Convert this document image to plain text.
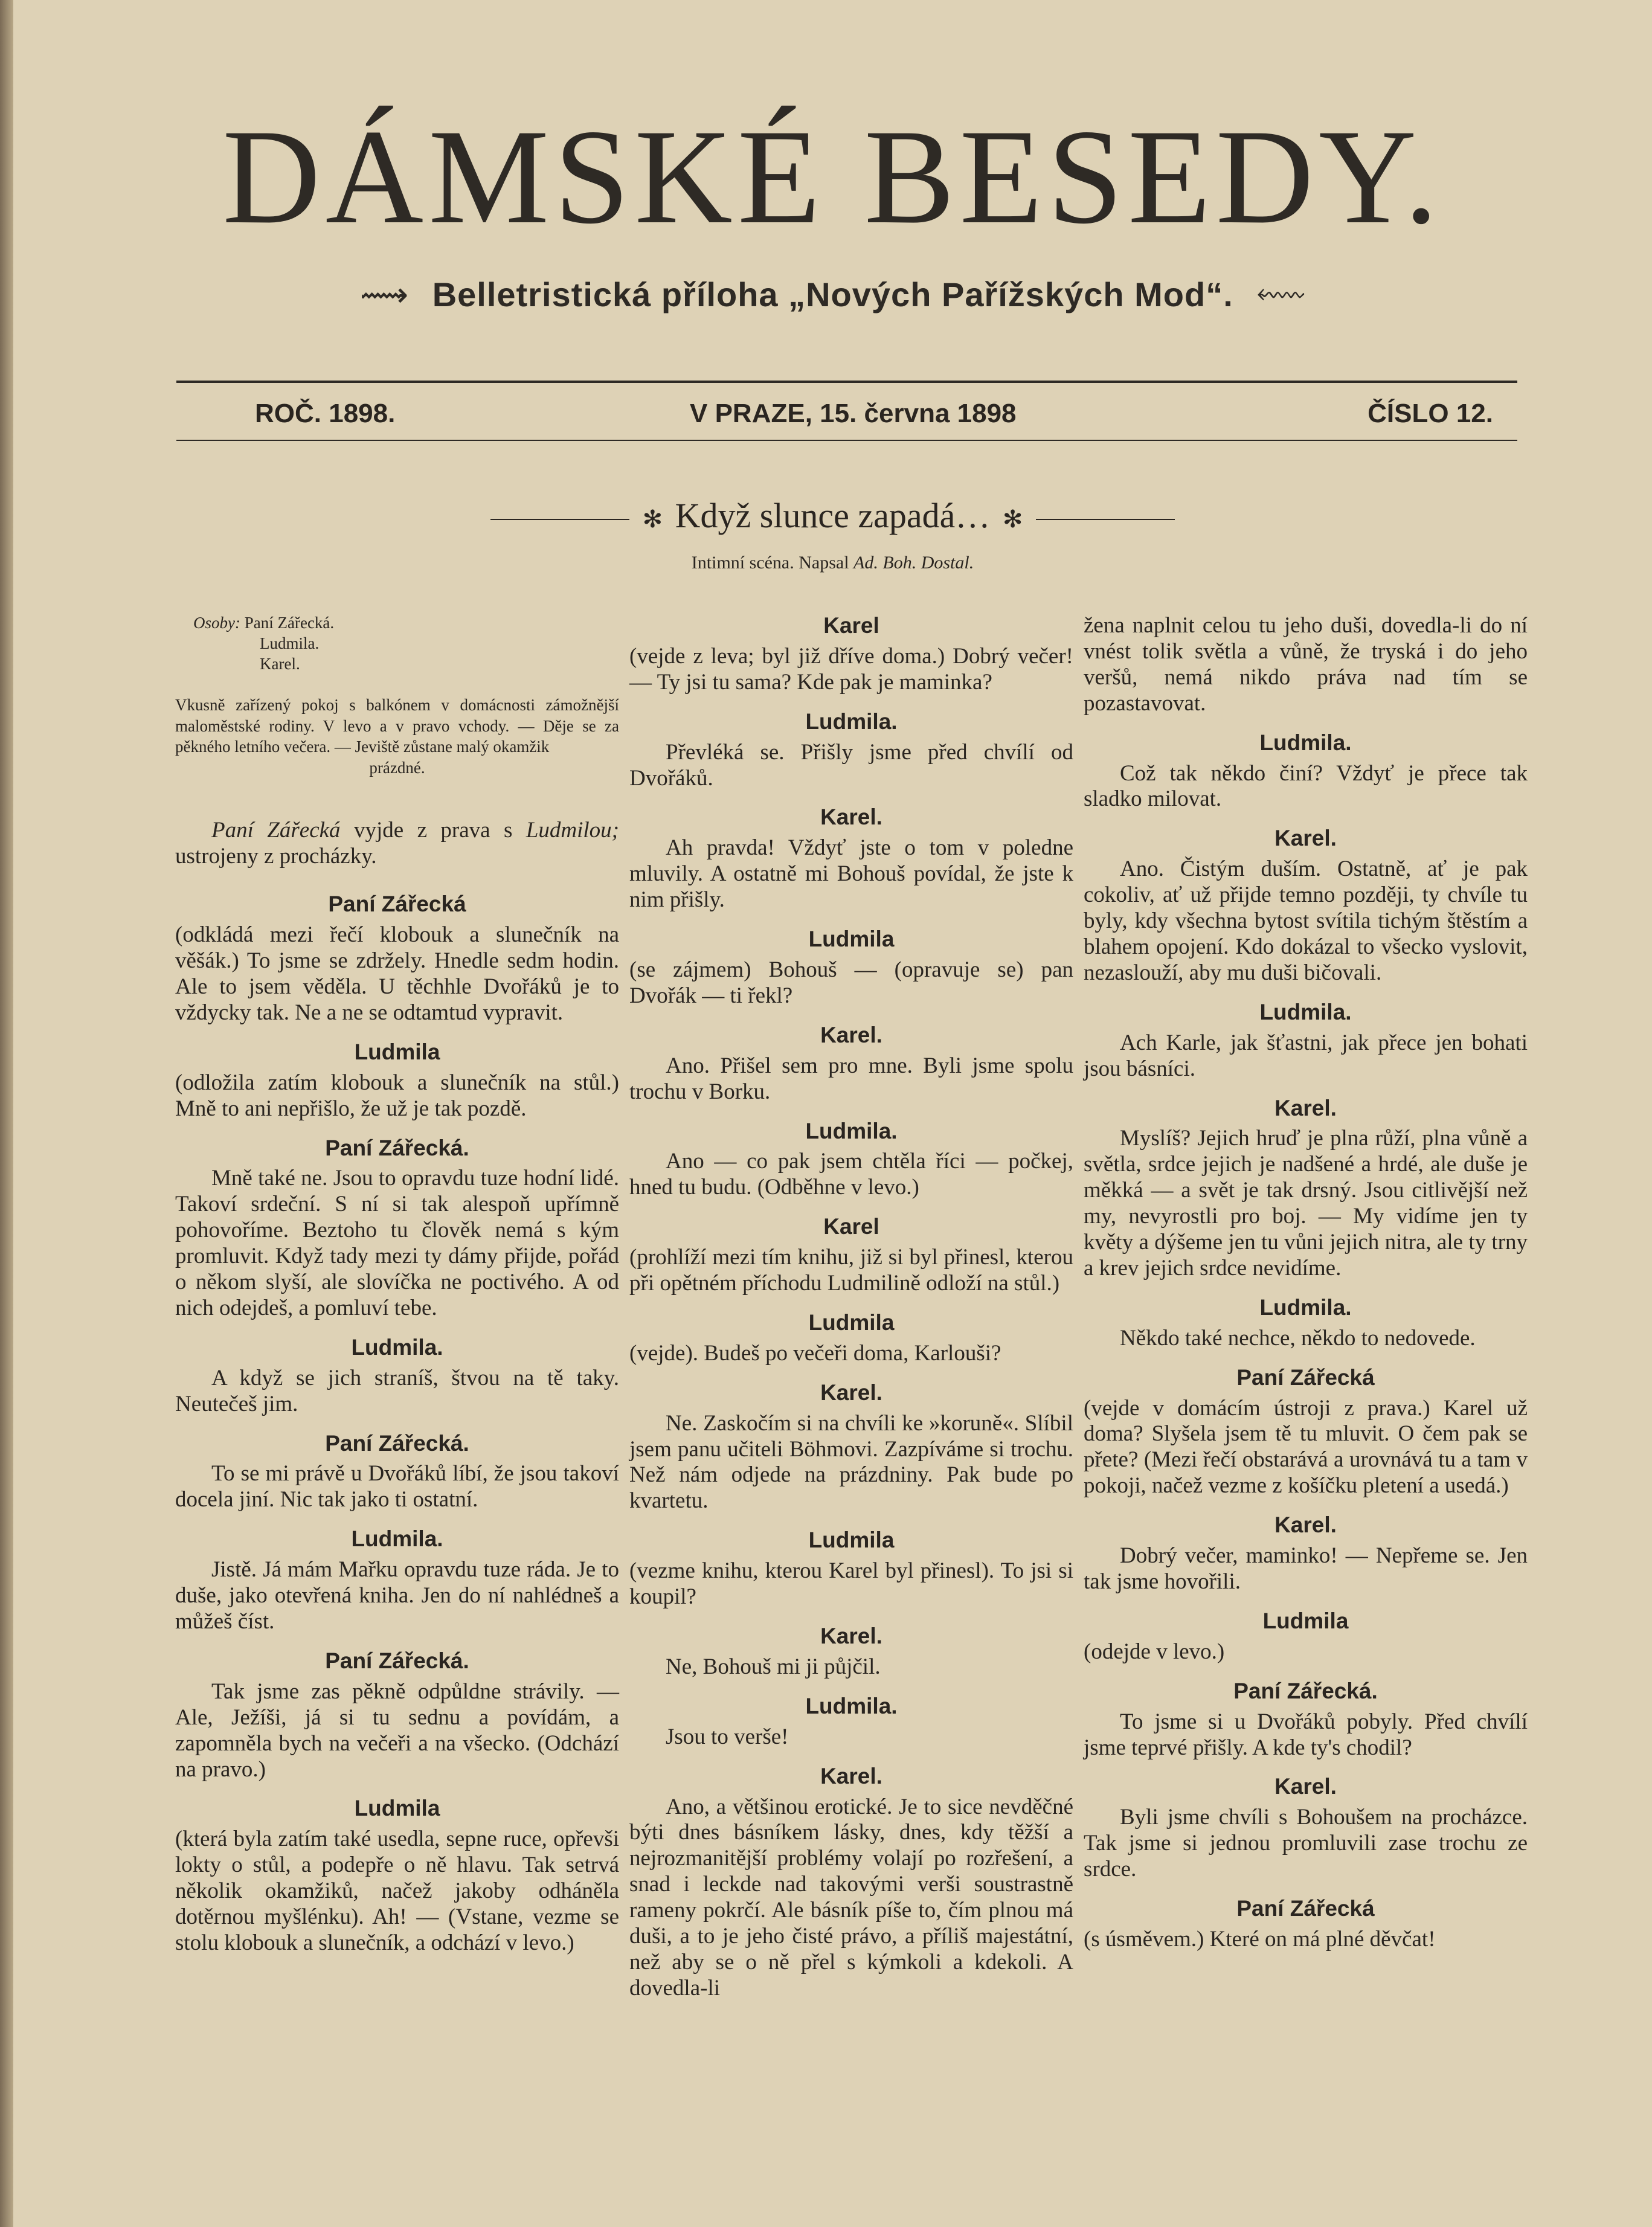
DÁMSKÉ BESEDY.
⟿ Belletristická příloha „Nových Pařížských Mod“. ⬳
ROČ. 1898.	V PRAZE, 15. června 1898	ČÍSLO 12.
✻ Když slunce zapadá… ✻
Intimní scéna. Napsal Ad. Boh. Dostal.
Osoby: Paní Zářecká.
Ludmila.
Karel.
Vkusně zařízený pokoj s balkónem v domácnosti zámožnější maloměstské rodiny. V levo a v pravo vchody. — Děje se za pěkného letního večera. — Jeviště zůstane malý okamžik
prázdné.
Paní Zářecká vyjde z prava s Ludmilou; ustrojeny z procházky.
Paní Zářecká
(odkládá mezi řečí klobouk a slunečník na věšák.) To jsme se zdržely. Hnedle sedm hodin. Ale to jsem věděla. U těchhle Dvořáků je to vždycky tak. Ne a ne se odtamtud vypravit.
Ludmila
(odložila zatím klobouk a slunečník na stůl.) Mně to ani nepřišlo, že už je tak pozdě.
Paní Zářecká.
Mně také ne. Jsou to opravdu tuze hodní lidé. Takoví srdeční. S ní si tak alespoň upřímně pohovoříme. Beztoho tu člověk nemá s kým promluvit. Když tady mezi ty dámy přijde, pořád o někom slyší, ale slovíčka ne poctivého. A od nich odejdeš, a pomluví tebe.
Ludmila.
A když se jich straníš, štvou na tě taky. Neutečeš jim.
Paní Zářecká.
To se mi právě u Dvořáků líbí, že jsou takoví docela jiní. Nic tak jako ti ostatní.
Ludmila.
Jistě. Já mám Mařku opravdu tuze ráda. Je to duše, jako otevřená kniha. Jen do ní nahlédneš a můžeš číst.
Paní Zářecká.
Tak jsme zas pěkně odpůldne strávily. — Ale, Ježíši, já si tu sednu a povídám, a zapomněla bych na večeři a na všecko. (Odchází na pravo.)
Ludmila
(která byla zatím také usedla, sepne ruce, opřevši lokty o stůl, a podepře o ně hlavu. Tak setrvá několik okamžiků, načež jakoby odháněla dotěrnou myšlénku). Ah! — (Vstane, vezme se stolu klobouk a slunečník, a odchází v levo.)
Karel
(vejde z leva; byl již dříve doma.) Dobrý večer! — Ty jsi tu sama? Kde pak je maminka?
Ludmila.
Převléká se. Přišly jsme před chvílí od Dvořáků.
Karel.
Ah pravda! Vždyť jste o tom v poledne mluvily. A ostatně mi Bohouš povídal, že jste k nim přišly.
Ludmila
(se zájmem) Bohouš — (opravuje se) pan Dvořák — ti řekl?
Karel.
Ano. Přišel sem pro mne. Byli jsme spolu trochu v Borku.
Ludmila.
Ano — co pak jsem chtěla říci — počkej, hned tu budu. (Odběhne v levo.)
Karel
(prohlíží mezi tím knihu, již si byl přinesl, kterou při opětném příchodu Ludmilině odloží na stůl.)
Ludmila
(vejde). Budeš po večeři doma, Karlouši?
Karel.
Ne. Zaskočím si na chvíli ke »koruně«. Slíbil jsem panu učiteli Böhmovi. Zazpíváme si trochu. Než nám odjede na prázdniny. Pak bude po kvartetu.
Ludmila
(vezme knihu, kterou Karel byl přinesl). To jsi si koupil?
Karel.
Ne, Bohouš mi ji půjčil.
Ludmila.
Jsou to verše!
Karel.
Ano, a většinou erotické. Je to sice nevděčné býti dnes básníkem lásky, dnes, kdy těžší a nejrozmanitější problémy volají po rozřešení, a snad i leckde nad takovými verši soustrastně rameny pokrčí. Ale básník píše to, čím plnou má duši, a to je jeho čisté právo, a příliš majestátní, než aby se o ně přel s kýmkoli a kdekoli. A dovedla-li
žena naplnit celou tu jeho duši, dovedla-li do ní vnést tolik světla a vůně, že tryská i do jeho veršů, nemá nikdo práva nad tím se pozastavovat.
Ludmila.
Což tak někdo činí? Vždyť je přece tak sladko milovat.
Karel.
Ano. Čistým duším. Ostatně, ať je pak cokoliv, ať už přijde temno později, ty chvíle tu byly, kdy všechna bytost svítila tichým štěstím a blahem opojení. Kdo dokázal to všecko vyslovit, nezaslouží, aby mu duši bičovali.
Ludmila.
Ach Karle, jak šťastni, jak přece jen bohati jsou básníci.
Karel.
Myslíš? Jejich hruď je plna růží, plna vůně a světla, srdce jejich je nadšené a hrdé, ale duše je měkká — a svět je tak drsný. Jsou citlivější než my, nevyrostli pro boj. — My vidíme jen ty květy a dýšeme jen tu vůni jejich nitra, ale ty trny a krev jejich srdce nevidíme.
Ludmila.
Někdo také nechce, někdo to nedovede.
Paní Zářecká
(vejde v domácím ústroji z prava.) Karel už doma? Slyšela jsem tě tu mluvit. O čem pak se přete? (Mezi řečí obstarává a urovnává tu a tam v pokoji, načež vezme z košíčku pletení a usedá.)
Karel.
Dobrý večer, maminko! — Nepřeme se. Jen tak jsme hovořili.
Ludmila
(odejde v levo.)
Paní Zářecká.
To jsme si u Dvořáků pobyly. Před chvílí jsme teprvé přišly. A kde ty's chodil?
Karel.
Byli jsme chvíli s Bohoušem na procházce. Tak jsme si jednou promluvili zase trochu ze srdce.
Paní Zářecká
(s úsměvem.) Které on má plné děvčat!
